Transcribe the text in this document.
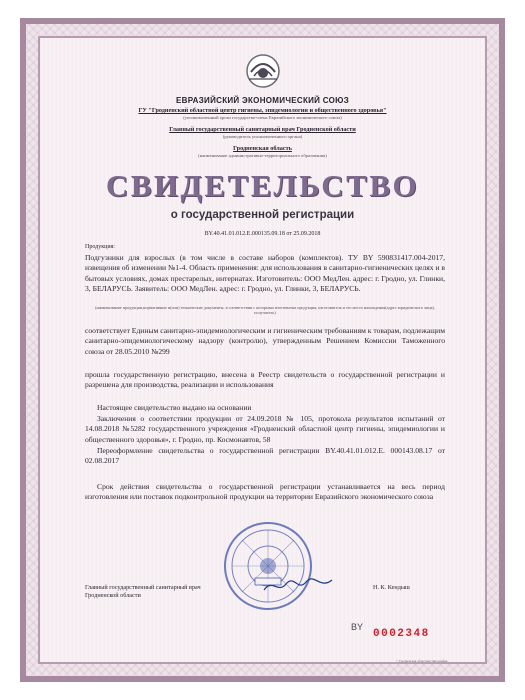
ЕВРАЗИЙСКИЙ ЭКОНОМИЧЕСКИЙ СОЮЗ
ГУ "Гродненский областной центр гигиены, эпидемиологии и общественного здоровья"
(уполномоченный орган государства-члена Евразийского экономического союза)
Главный государственный санитарный врач Гродненской области
(руководитель уполномоченного органа)
Гродненская область
(наименование административно-территориального образования)
СВИДЕТЕЛЬСТВО
о государственной регистрации
BY.40.41.01.012.E.000135.09.18 от 25.09.2018
Продукция:
Подгузники для взрослых (в том числе в составе наборов (комплектов). ТУ BY 590831417.004-2017, извещения об изменении №1-4. Область применения: для использования в санитарно-гигиенических целях и в бытовых условиях, домах престарелых, интернатах. Изготовитель: ООО МедЛен. адрес: г. Гродно, ул. Глинки, 3, БЕЛАРУСЬ. Заявитель: ООО МедЛен. адрес: г. Гродно, ул. Глинки, 3, БЕЛАРУСЬ.
(наименование продукции,нормативные и(или) технические документы, в соответствии с которыми изготовлена продукция, изготовитель и его место нахождения(адрес юридического лица), получатель)
соответствует Единым санитарно-эпидемиологическим и гигиеническим требованиям к товарам, подлежащим санитарно-эпидемиологическому надзору (контролю), утвержденным Решением Комиссии Таможенного союза от 28.05.2010 №299
прошла государственную регистрацию, внесена в Реестр свидетельств о государственной регистрации и разрешена для производства, реализации и использования
Настоящее свидетельство выдано на основании
Заключения о соответствии продукции от 24.09.2018 № 105, протокола результатов испытаний от 14.08.2018 №5282 государственного учреждения «Гродненский областной центр гигиены, эпидемиологии и общественного здоровья», г. Гродно, пр. Космонавтов, 58
Переоформление свидетельства о государственной регистрации BY.40.41.01.012.E. 000143.08.17 от 02.08.2017
Срок действия свидетельства о государственной регистрации устанавливается на весь период изготовления или поставок подконтрольной продукции на территории Евразийского экономического союза
Главный государственный санитарный врач
Гродненской области
Н. К. Кендыш
BY
0002348
© Гродненская областная типография
